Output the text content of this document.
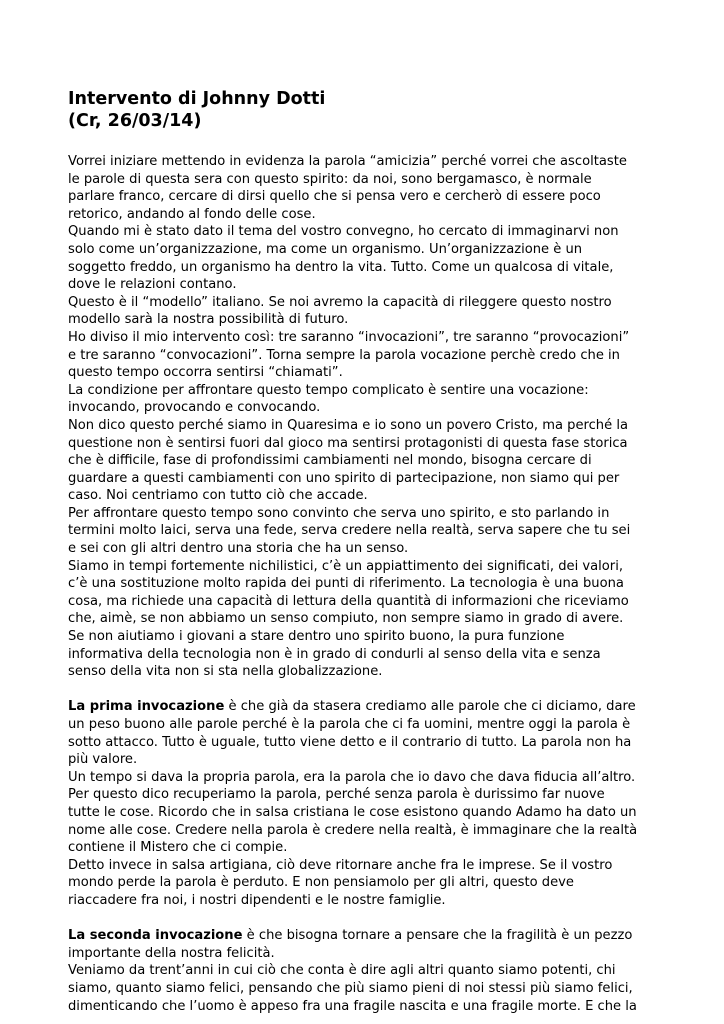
Intervento di Johnny Dotti
(Cr, 26/03/14)
Vorrei iniziare mettendo in evidenza la parola “amicizia” perché vorrei che ascoltaste
le parole di questa sera con questo spirito: da noi, sono bergamasco, è normale
parlare franco, cercare di dirsi quello che si pensa vero e cercherò di essere poco
retorico, andando al fondo delle cose.
Quando mi è stato dato il tema del vostro convegno, ho cercato di immaginarvi non
solo come un’organizzazione, ma come un organismo. Un’organizzazione è un
soggetto freddo, un organismo ha dentro la vita. Tutto. Come un qualcosa di vitale,
dove le relazioni contano.
Questo è il “modello” italiano. Se noi avremo la capacità di rileggere questo nostro
modello sarà la nostra possibilità di futuro.
Ho diviso il mio intervento così: tre saranno “invocazioni”, tre saranno “provocazioni”
e tre saranno “convocazioni”. Torna sempre la parola vocazione perchè credo che in
questo tempo occorra sentirsi “chiamati”.
La condizione per affrontare questo tempo complicato è sentire una vocazione:
invocando, provocando e convocando.
Non dico questo perché siamo in Quaresima e io sono un povero Cristo, ma perché la
questione non è sentirsi fuori dal gioco ma sentirsi protagonisti di questa fase storica
che è difficile, fase di profondissimi cambiamenti nel mondo, bisogna cercare di
guardare a questi cambiamenti con uno spirito di partecipazione, non siamo qui per
caso. Noi centriamo con tutto ciò che accade.
Per affrontare questo tempo sono convinto che serva uno spirito, e sto parlando in
termini molto laici, serva una fede, serva credere nella realtà, serva sapere che tu sei
e sei con gli altri dentro una storia che ha un senso.
Siamo in tempi fortemente nichilistici, c’è un appiattimento dei significati, dei valori,
c’è una sostituzione molto rapida dei punti di riferimento. La tecnologia è una buona
cosa, ma richiede una capacità di lettura della quantità di informazioni che riceviamo
che, aimè, se non abbiamo un senso compiuto, non sempre siamo in grado di avere.
Se non aiutiamo i giovani a stare dentro uno spirito buono, la pura funzione
informativa della tecnologia non è in grado di condurli al senso della vita e senza
senso della vita non si sta nella globalizzazione.
La prima invocazione è che già da stasera crediamo alle parole che ci diciamo, dare
un peso buono alle parole perché è la parola che ci fa uomini, mentre oggi la parola è
sotto attacco. Tutto è uguale, tutto viene detto e il contrario di tutto. La parola non ha
più valore.
Un tempo si dava la propria parola, era la parola che io davo che dava fiducia all’altro.
Per questo dico recuperiamo la parola, perché senza parola è durissimo far nuove
tutte le cose. Ricordo che in salsa cristiana le cose esistono quando Adamo ha dato un
nome alle cose. Credere nella parola è credere nella realtà, è immaginare che la realtà
contiene il Mistero che ci compie.
Detto invece in salsa artigiana, ciò deve ritornare anche fra le imprese. Se il vostro
mondo perde la parola è perduto. E non pensiamolo per gli altri, questo deve
riaccadere fra noi, i nostri dipendenti e le nostre famiglie.
La seconda invocazione è che bisogna tornare a pensare che la fragilità è un pezzo
importante della nostra felicità.
Veniamo da trent’anni in cui ciò che conta è dire agli altri quanto siamo potenti, chi
siamo, quanto siamo felici, pensando che più siamo pieni di noi stessi più siamo felici,
dimenticando che l’uomo è appeso fra una fragile nascita e una fragile morte. E che la
